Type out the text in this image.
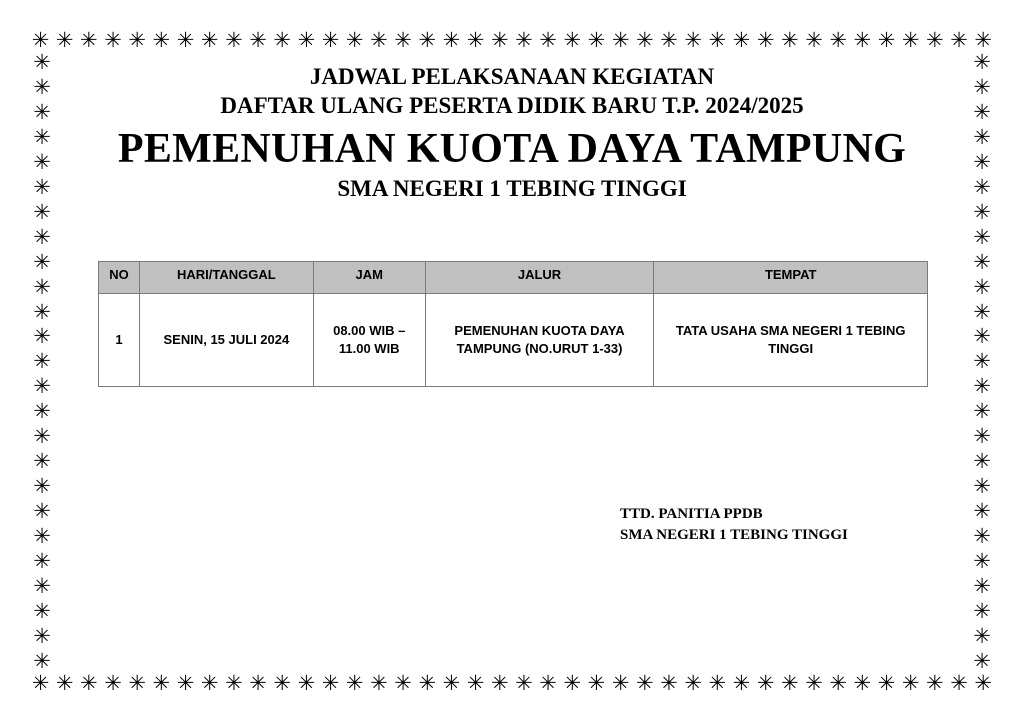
✳ ✳ ✳ ✳ ✳ ✳ ✳ ✳ ✳ ✳ ✳ ✳ ✳ ✳ ✳ ✳ ✳ ✳ ✳ ✳ ✳ ✳ ✳ ✳ ✳ ✳ ✳ ✳ ✳ ✳ ✳ ✳ ✳ ✳ ✳ ✳ ✳ ✳ ✳ ✳
✳ ✳ ✳ ✳ ✳ ✳ ✳ ✳ ✳ ✳ ✳ ✳ ✳ ✳ ✳ ✳ ✳ ✳ ✳ ✳ ✳ ✳ ✳ ✳ ✳ ✳ ✳ ✳ ✳ ✳ ✳ ✳ ✳ ✳ ✳ ✳ ✳ ✳ ✳ ✳
✳
✳
✳
✳
✳
✳
✳
✳
✳
✳
✳
✳
✳
✳
✳
✳
✳
✳
✳
✳
✳
✳
✳
✳
✳
✳
✳
✳
✳
✳
✳
✳
✳
✳
✳
✳
✳
✳
✳
✳
✳
✳
✳
✳
✳
✳
✳
✳
✳
✳
JADWAL PELAKSANAAN KEGIATAN
DAFTAR ULANG PESERTA DIDIK BARU T.P. 2024/2025
PEMENUHAN KUOTA DAYA TAMPUNG
SMA NEGERI 1 TEBING TINGGI
NO	HARI/TANGGAL	JAM	JALUR	TEMPAT
1	SENIN, 15 JULI 2024	08.00 WIB – 11.00 WIB	PEMENUHAN KUOTA DAYA TAMPUNG (NO.URUT 1-33)	TATA USAHA SMA NEGERI 1 TEBING TINGGI
TTD. PANITIA PPDB
SMA NEGERI 1 TEBING TINGGI
